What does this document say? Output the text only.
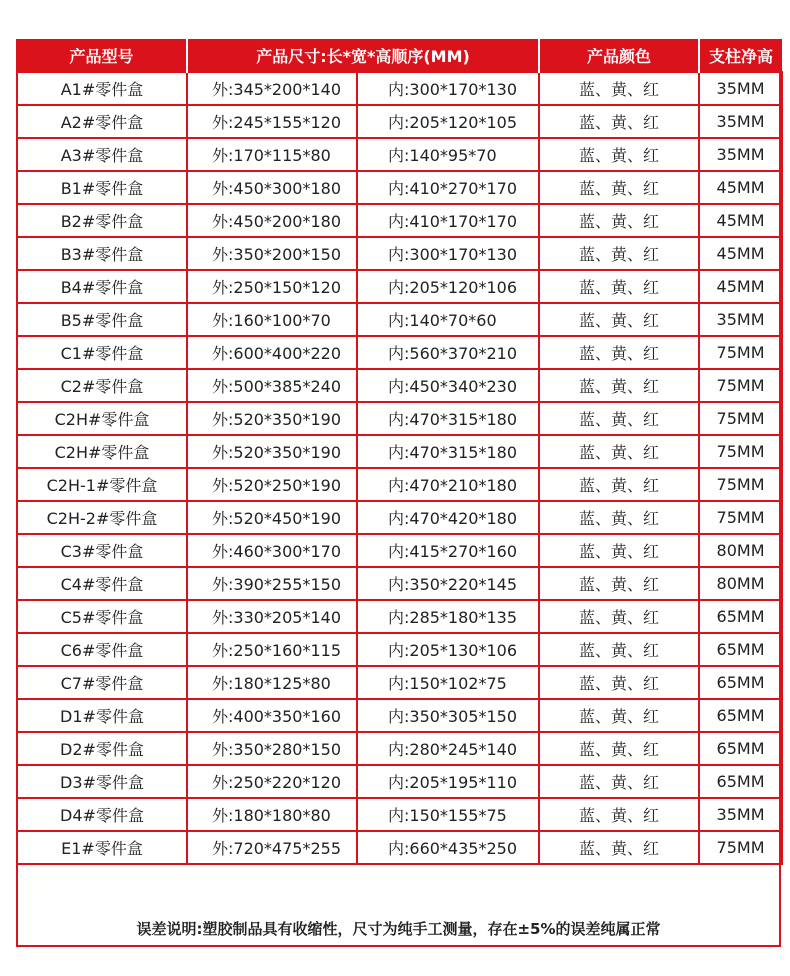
产品型号	产品尺寸:长*宽*高顺序(MM)		产品颜色	支柱净高
A1#零件盒	外:345*200*140	内:300*170*130	蓝、黄、红	35MM
A2#零件盒	外:245*155*120	内:205*120*105	蓝、黄、红	35MM
A3#零件盒	外:170*115*80	内:140*95*70	蓝、黄、红	35MM
B1#零件盒	外:450*300*180	内:410*270*170	蓝、黄、红	45MM
B2#零件盒	外:450*200*180	内:410*170*170	蓝、黄、红	45MM
B3#零件盒	外:350*200*150	内:300*170*130	蓝、黄、红	45MM
B4#零件盒	外:250*150*120	内:205*120*106	蓝、黄、红	45MM
B5#零件盒	外:160*100*70	内:140*70*60	蓝、黄、红	35MM
C1#零件盒	外:600*400*220	内:560*370*210	蓝、黄、红	75MM
C2#零件盒	外:500*385*240	内:450*340*230	蓝、黄、红	75MM
C2H#零件盒	外:520*350*190	内:470*315*180	蓝、黄、红	75MM
C2H#零件盒	外:520*350*190	内:470*315*180	蓝、黄、红	75MM
C2H-1#零件盒	外:520*250*190	内:470*210*180	蓝、黄、红	75MM
C2H-2#零件盒	外:520*450*190	内:470*420*180	蓝、黄、红	75MM
C3#零件盒	外:460*300*170	内:415*270*160	蓝、黄、红	80MM
C4#零件盒	外:390*255*150	内:350*220*145	蓝、黄、红	80MM
C5#零件盒	外:330*205*140	内:285*180*135	蓝、黄、红	65MM
C6#零件盒	外:250*160*115	内:205*130*106	蓝、黄、红	65MM
C7#零件盒	外:180*125*80	内:150*102*75	蓝、黄、红	65MM
D1#零件盒	外:400*350*160	内:350*305*150	蓝、黄、红	65MM
D2#零件盒	外:350*280*150	内:280*245*140	蓝、黄、红	65MM
D3#零件盒	外:250*220*120	内:205*195*110	蓝、黄、红	65MM
D4#零件盒	外:180*180*80	内:150*155*75	蓝、黄、红	35MM
E1#零件盒	外:720*475*255	内:660*435*250	蓝、黄、红	75MM
误差说明:塑胶制品具有收缩性，尺寸为纯手工测量，存在±5%的误差纯属正常
